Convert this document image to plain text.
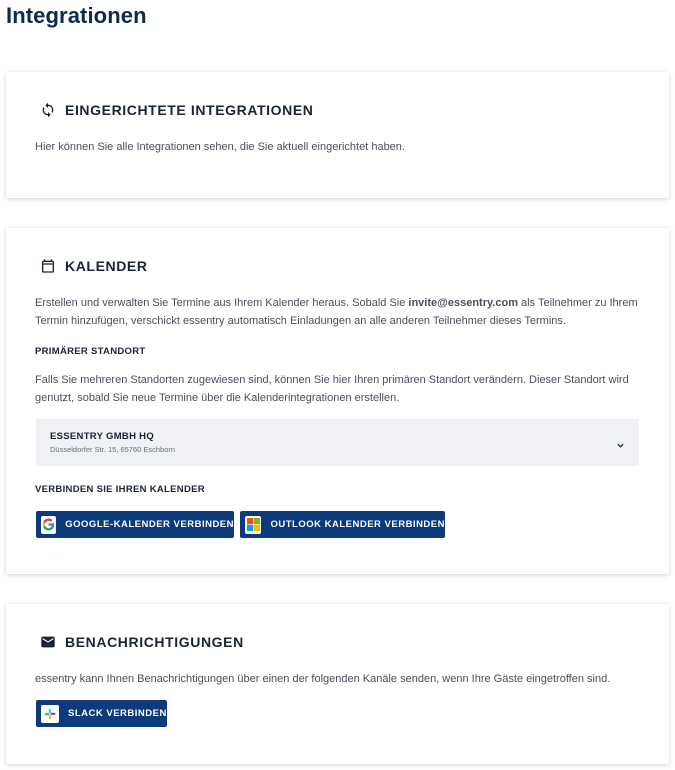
Integrationen
EINGERICHTETE INTEGRATIONEN

Hier können Sie alle Integrationen sehen, die Sie aktuell eingerichtet haben.

KALENDER

Erstellen und verwalten Sie Termine aus Ihrem Kalender heraus. Sobald Sie invite@essentry.com als Teilnehmer zu Ihrem Termin hinzufügen, verschickt essentry automatisch Einladungen an alle anderen Teilnehmer dieses Termins.

PRIMÄRER STANDORT

Falls Sie mehreren Standorten zugewiesen sind, können Sie hier Ihren primären Standort verändern. Dieser Standort wird genutzt, sobald Sie neue Termine über die Kalenderintegrationen erstellen.

ESSENTRY GMBH HQ
Düsseldorfer Str. 15, 65760 Eschborn
VERBINDEN SIE IHREN KALENDER
GOOGLE-KALENDER VERBINDEN	OUTLOOK KALENDER VERBINDEN
BENACHRICHTIGUNGEN

essentry kann Ihnen Benachrichtigungen über einen der folgenden Kanäle senden, wenn Ihre Gäste eingetroffen sind.

SLACK VERBINDEN
